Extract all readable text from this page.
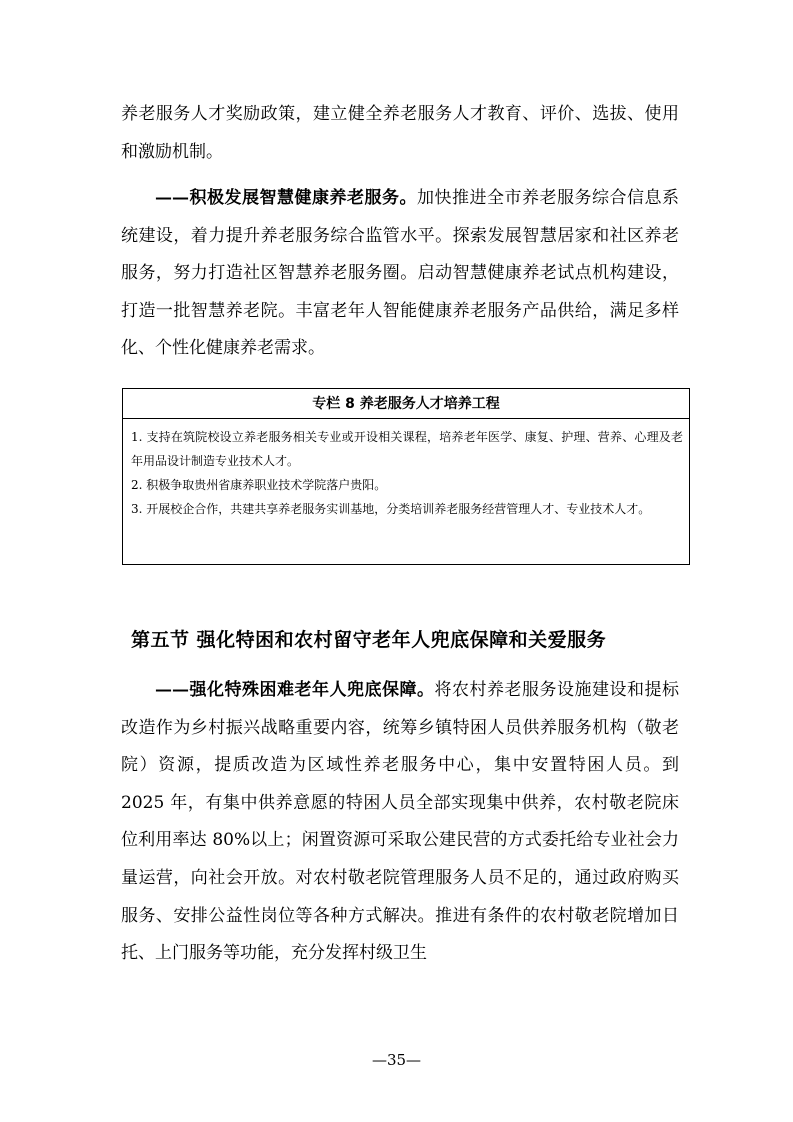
养老服务人才奖励政策，建立健全养老服务人才教育、评价、选拔、使用和激励机制。

——积极发展智慧健康养老服务。加快推进全市养老服务综合信息系统建设，着力提升养老服务综合监管水平。探索发展智慧居家和社区养老服务，努力打造社区智慧养老服务圈。启动智慧健康养老试点机构建设，打造一批智慧养老院。丰富老年人智能健康养老服务产品供给，满足多样化、个性化健康养老需求。

专栏 8 养老服务人才培养工程

1. 支持在筑院校设立养老服务相关专业或开设相关课程，培养老年医学、康复、护理、营养、心理及老年用品设计制造专业技术人才。

2. 积极争取贵州省康养职业技术学院落户贵阳。

3. 开展校企合作，共建共享养老服务实训基地，分类培训养老服务经营管理人才、专业技术人才。

第五节 强化特困和农村留守老年人兜底保障和关爱服务

——强化特殊困难老年人兜底保障。将农村养老服务设施建设和提标改造作为乡村振兴战略重要内容，统筹乡镇特困人员供养服务机构（敬老院）资源，提质改造为区域性养老服务中心，集中安置特困人员。到 2025 年，有集中供养意愿的特困人员全部实现集中供养，农村敬老院床位利用率达 80%以上；闲置资源可采取公建民营的方式委托给专业社会力量运营，向社会开放。对农村敬老院管理服务人员不足的，通过政府购买服务、安排公益性岗位等各种方式解决。推进有条件的农村敬老院增加日托、上门服务等功能，充分发挥村级卫生

—35—
